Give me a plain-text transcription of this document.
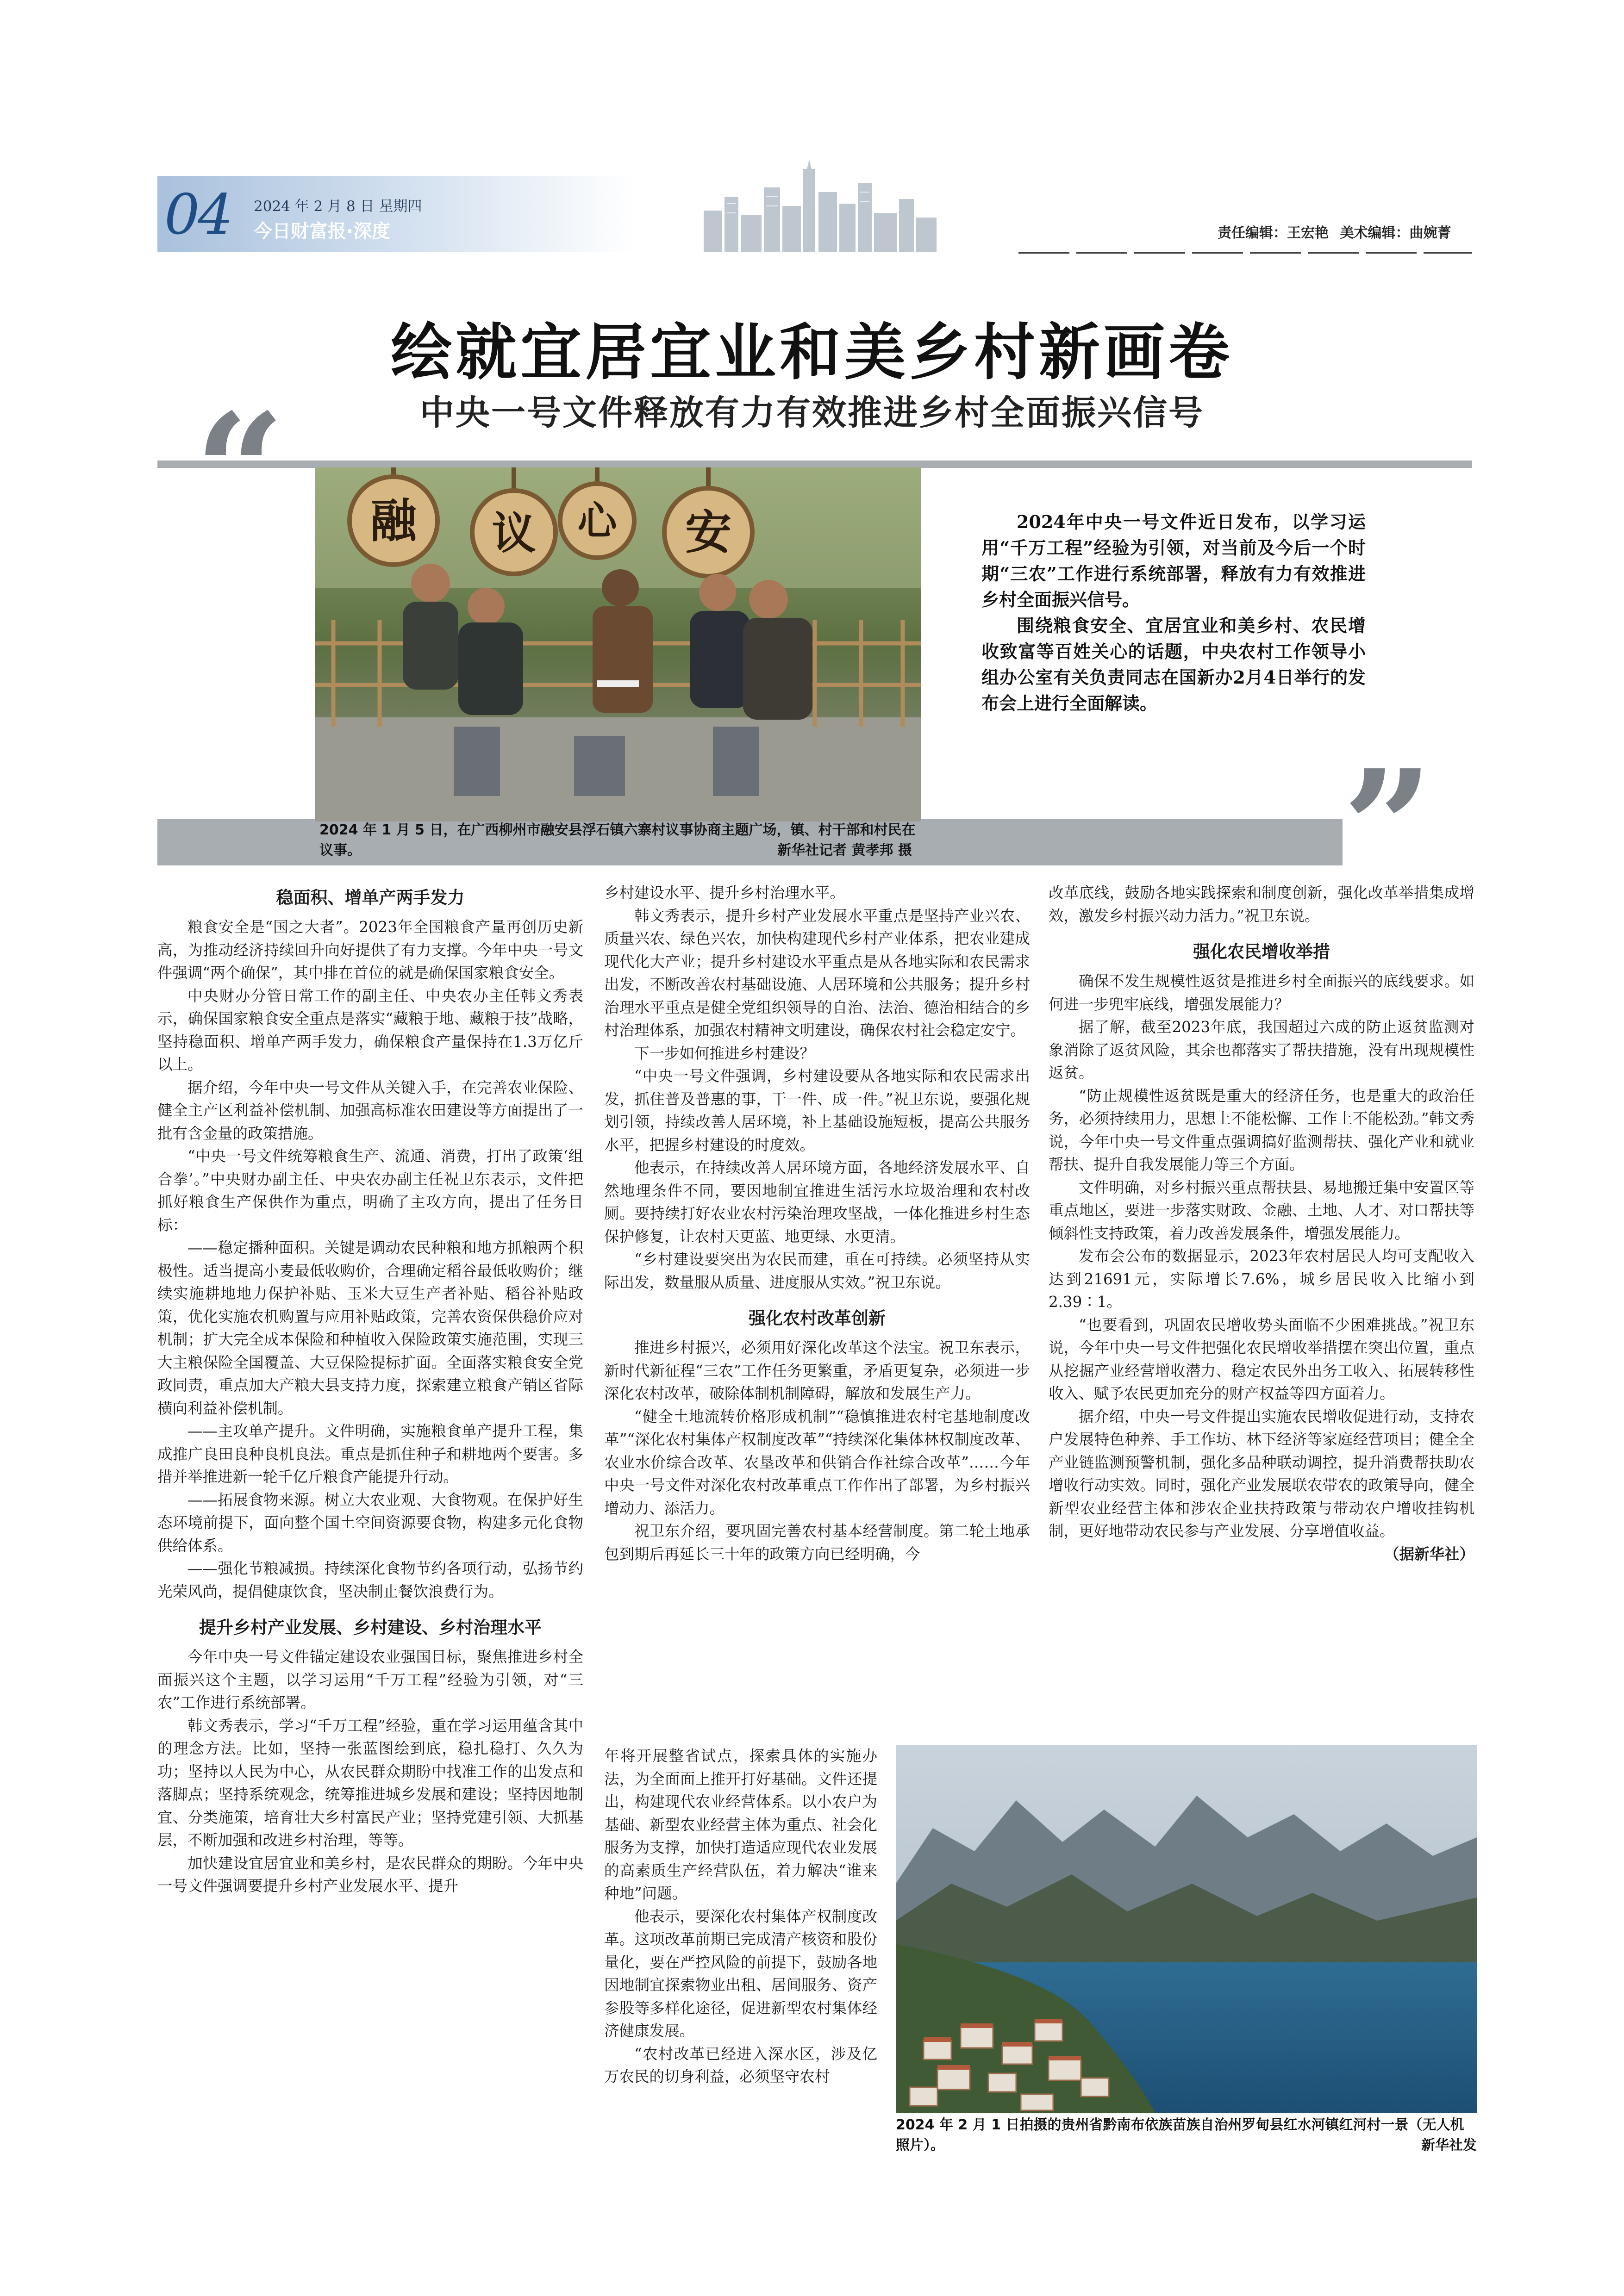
04	2024 年 2 月 8 日 星期四
今日财富报·深度	责任编辑：王宏艳 美术编辑：曲婉菁
绘就宜居宜业和美乡村新画卷
中央一号文件释放有力有效推进乡村全面振兴信号
“ 融 议 心 安
2024 年 1 月 5 日，在广西柳州市融安县浮石镇六寨村议事协商主题广场，镇、村干部和村民在议事。	新华社记者 黄孝邦 摄

2024年中央一号文件近日发布，以学习运用“千万工程”经验为引领，对当前及今后一个时期“三农”工作进行系统部署，释放有力有效推进乡村全面振兴信号。

围绕粮食安全、宜居宜业和美乡村、农民增收致富等百姓关心的话题，中央农村工作领导小组办公室有关负责同志在国新办2月4日举行的发布会上进行全面解读。

”
稳面积、增单产两手发力

粮食安全是“国之大者”。2023年全国粮食产量再创历史新高，为推动经济持续回升向好提供了有力支撑。今年中央一号文件强调“两个确保”，其中排在首位的就是确保国家粮食安全。

中央财办分管日常工作的副主任、中央农办主任韩文秀表示，确保国家粮食安全重点是落实“藏粮于地、藏粮于技”战略，坚持稳面积、增单产两手发力，确保粮食产量保持在1.3万亿斤以上。

据介绍，今年中央一号文件从关键入手，在完善农业保险、健全主产区利益补偿机制、加强高标准农田建设等方面提出了一批有含金量的政策措施。

“中央一号文件统筹粮食生产、流通、消费，打出了政策‘组合拳’。”中央财办副主任、中央农办副主任祝卫东表示，文件把抓好粮食生产保供作为重点，明确了主攻方向，提出了任务目标：

——稳定播种面积。关键是调动农民种粮和地方抓粮两个积极性。适当提高小麦最低收购价，合理确定稻谷最低收购价；继续实施耕地地力保护补贴、玉米大豆生产者补贴、稻谷补贴政策，优化实施农机购置与应用补贴政策，完善农资保供稳价应对机制；扩大完全成本保险和种植收入保险政策实施范围，实现三大主粮保险全国覆盖、大豆保险提标扩面。全面落实粮食安全党政同责，重点加大产粮大县支持力度，探索建立粮食产销区省际横向利益补偿机制。

——主攻单产提升。文件明确，实施粮食单产提升工程，集成推广良田良种良机良法。重点是抓住种子和耕地两个要害。多措并举推进新一轮千亿斤粮食产能提升行动。

——拓展食物来源。树立大农业观、大食物观。在保护好生态环境前提下，面向整个国土空间资源要食物，构建多元化食物供给体系。

——强化节粮减损。持续深化食物节约各项行动，弘扬节约光荣风尚，提倡健康饮食，坚决制止餐饮浪费行为。

提升乡村产业发展、乡村建设、乡村治理水平

今年中央一号文件锚定建设农业强国目标，聚焦推进乡村全面振兴这个主题，以学习运用“千万工程”经验为引领，对“三农”工作进行系统部署。

韩文秀表示，学习“千万工程”经验，重在学习运用蕴含其中的理念方法。比如，坚持一张蓝图绘到底，稳扎稳打、久久为功；坚持以人民为中心，从农民群众期盼中找准工作的出发点和落脚点；坚持系统观念，统筹推进城乡发展和建设；坚持因地制宜、分类施策，培育壮大乡村富民产业；坚持党建引领、大抓基层，不断加强和改进乡村治理，等等。

加快建设宜居宜业和美乡村，是农民群众的期盼。今年中央一号文件强调要提升乡村产业发展水平、提升

乡村建设水平、提升乡村治理水平。

韩文秀表示，提升乡村产业发展水平重点是坚持产业兴农、质量兴农、绿色兴农，加快构建现代乡村产业体系，把农业建成现代化大产业；提升乡村建设水平重点是从各地实际和农民需求出发，不断改善农村基础设施、人居环境和公共服务；提升乡村治理水平重点是健全党组织领导的自治、法治、德治相结合的乡村治理体系，加强农村精神文明建设，确保农村社会稳定安宁。

下一步如何推进乡村建设？

“中央一号文件强调，乡村建设要从各地实际和农民需求出发，抓住普及普惠的事，干一件、成一件。”祝卫东说，要强化规划引领，持续改善人居环境，补上基础设施短板，提高公共服务水平，把握乡村建设的时度效。

他表示，在持续改善人居环境方面，各地经济发展水平、自然地理条件不同，要因地制宜推进生活污水垃圾治理和农村改厕。要持续打好农业农村污染治理攻坚战，一体化推进乡村生态保护修复，让农村天更蓝、地更绿、水更清。

“乡村建设要突出为农民而建，重在可持续。必须坚持从实际出发，数量服从质量、进度服从实效。”祝卫东说。

强化农村改革创新

推进乡村振兴，必须用好深化改革这个法宝。祝卫东表示，新时代新征程“三农”工作任务更繁重，矛盾更复杂，必须进一步深化农村改革，破除体制机制障碍，解放和发展生产力。

“健全土地流转价格形成机制”“稳慎推进农村宅基地制度改革”“深化农村集体产权制度改革”“持续深化集体林权制度改革、农业水价综合改革、农垦改革和供销合作社综合改革”……今年中央一号文件对深化农村改革重点工作作出了部署，为乡村振兴增动力、添活力。

祝卫东介绍，要巩固完善农村基本经营制度。第二轮土地承包到期后再延长三十年的政策方向已经明确，今

年将开展整省试点，探索具体的实施办法，为全面面上推开打好基础。文件还提出，构建现代农业经营体系。以小农户为基础、新型农业经营主体为重点、社会化服务为支撑，加快打造适应现代农业发展的高素质生产经营队伍，着力解决“谁来种地”问题。

他表示，要深化农村集体产权制度改革。这项改革前期已完成清产核资和股份量化，要在严控风险的前提下，鼓励各地因地制宜探索物业出租、居间服务、资产参股等多样化途径，促进新型农村集体经济健康发展。

“农村改革已经进入深水区，涉及亿万农民的切身利益，必须坚守农村

改革底线，鼓励各地实践探索和制度创新，强化改革举措集成增效，激发乡村振兴动力活力。”祝卫东说。

强化农民增收举措

确保不发生规模性返贫是推进乡村全面振兴的底线要求。如何进一步兜牢底线，增强发展能力？

据了解，截至2023年底，我国超过六成的防止返贫监测对象消除了返贫风险，其余也都落实了帮扶措施，没有出现规模性返贫。

“防止规模性返贫既是重大的经济任务，也是重大的政治任务，必须持续用力，思想上不能松懈、工作上不能松劲。”韩文秀说，今年中央一号文件重点强调搞好监测帮扶、强化产业和就业帮扶、提升自我发展能力等三个方面。

文件明确，对乡村振兴重点帮扶县、易地搬迁集中安置区等重点地区，要进一步落实财政、金融、土地、人才、对口帮扶等倾斜性支持政策，着力改善发展条件，增强发展能力。

发布会公布的数据显示，2023年农村居民人均可支配收入达到21691元，实际增长7.6%，城乡居民收入比缩小到2.39∶1。

“也要看到，巩固农民增收势头面临不少困难挑战。”祝卫东说，今年中央一号文件把强化农民增收举措摆在突出位置，重点从挖掘产业经营增收潜力、稳定农民外出务工收入、拓展转移性收入、赋予农民更加充分的财产权益等四方面着力。

据介绍，中央一号文件提出实施农民增收促进行动，支持农户发展特色种养、手工作坊、林下经济等家庭经营项目；健全全产业链监测预警机制，强化多品种联动调控，提升消费帮扶助农增收行动实效。同时，强化产业发展联农带农的政策导向，健全新型农业经营主体和涉农企业扶持政策与带动农户增收挂钩机制，更好地带动农民参与产业发展、分享增值收益。

（据新华社）
2024 年 2 月 1 日拍摄的贵州省黔南布依族苗族自治州罗甸县红水河镇红河村一景（无人机照片）。	新华社发
